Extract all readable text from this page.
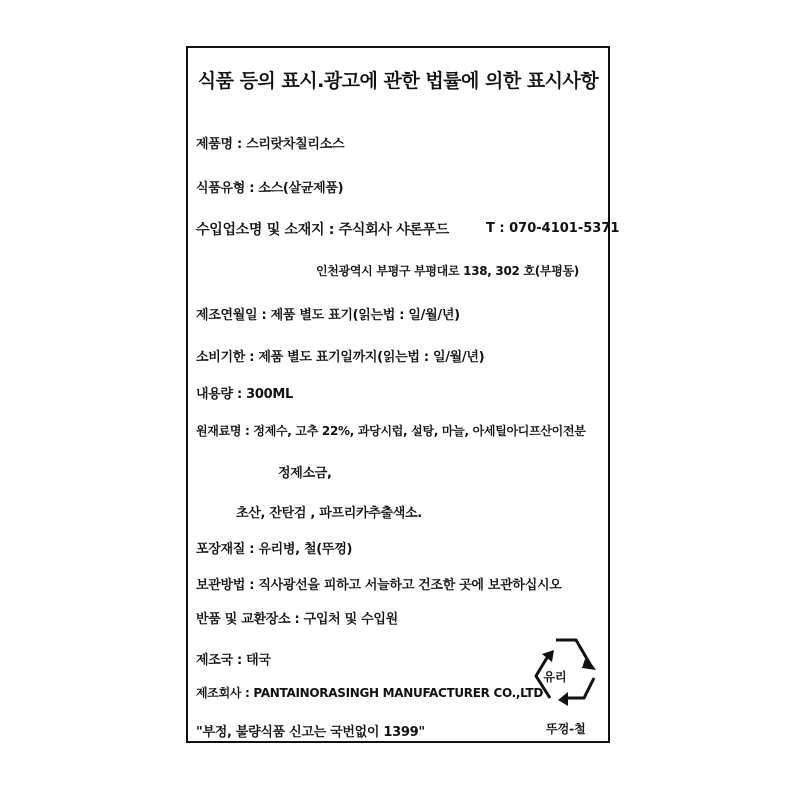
식품 등의 표시.광고에 관한 법률에 의한 표시사항
제품명 : 스리랏차칠리소스
식품유형 : 소스(살균제품)
수입업소명 및 소재지 : 주식회사 샤론푸드	T : 070-4101-5371
인천광역시 부평구 부평대로 138, 302 호(부평동)
제조연월일 : 제품 별도 표기(읽는법 : 일/월/년)
소비기한 : 제품 별도 표기일까지(읽는법 : 일/월/년)
내용량 : 300ML
원재료명 : 정제수, 고추 22%, 과당시럽, 설탕, 마늘, 아세틸아디프산이전분
정제소금,
초산, 잔탄검 , 파프리카추출색소.
포장재질 : 유리병, 철(뚜껑)
보관방법 : 직사광선을 피하고 서늘하고 건조한 곳에 보관하십시오
반품 및 교환장소 : 구입처 및 수입원
제조국 : 태국
제조회사 : PANTAINORASINGH MANUFACTURER CO.,LTD
"부정, 불량식품 신고는 국번없이 1399"
유리
뚜껑-철
